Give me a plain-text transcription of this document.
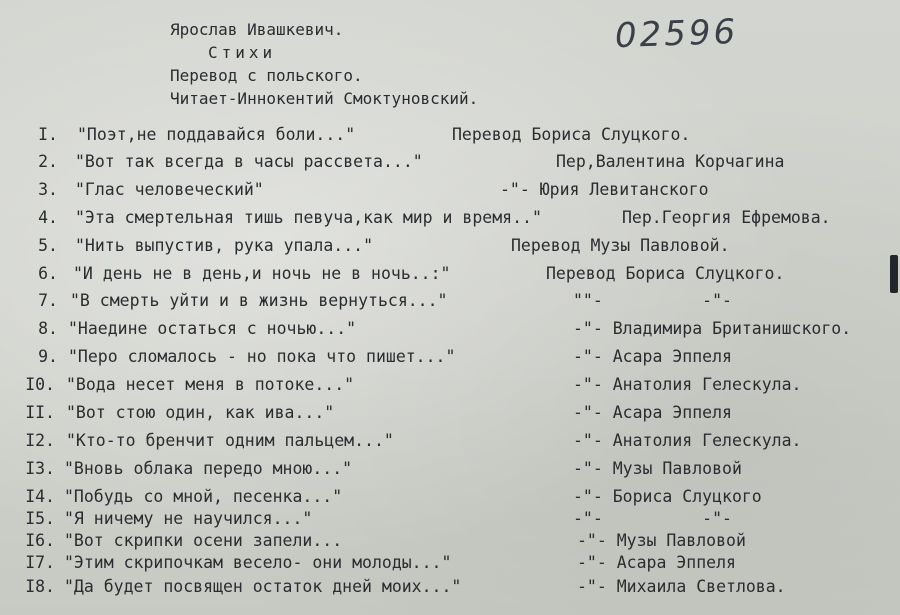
Ярослав Ивашкевич.
Стихи
Перевод с польского.
Читает-Иннокентий Смоктуновский.
02596
I. "Поэт,не поддавайся боли..."	Перевод Бориса Слуцкого.
2. "Вот так всегда в часы рассвета..."	Пер,Валентина Корчагина
3. "Глас человеческий"	-"- Юрия Левитанского
4. "Эта смертельная тишь певуча,как мир и время.."	Пер.Георгия Ефремова.
5. "Нить выпустив, рука упала..."	Перевод Музы Павловой.
6. "И день не в день,и ночь не в ночь..:"	Перевод Бориса Слуцкого.
7. "В смерть уйти и в жизнь вернуться..."	""-          -"-
8. "Наедине остаться с ночью..."	-"- Владимира Британишского.
9. "Перо сломалось - но пока что пишет..."	-"- Асара Эппеля
I0. "Вода несет меня в потоке..."	-"- Анатолия Гелескула.
II. "Вот стою один, как ива..."	-"- Асара Эппеля
I2. "Кто-то бренчит одним пальцем..."	-"- Анатолия Гелескула.
I3. "Вновь облака передо мною..."	-"- Музы Павловой
I4. "Побудь со мной, песенка..."	-"- Бориса Слуцкого
I5. "Я ничему не научился..."	-"-          -"-
I6. "Вот скрипки осени запели...	-"- Музы Павловой
I7. "Этим скрипочкам весело- они молоды..."	-"- Асара Эппеля
I8. "Да будет посвящен остаток дней моих..."	-"- Михаила Светлова.
